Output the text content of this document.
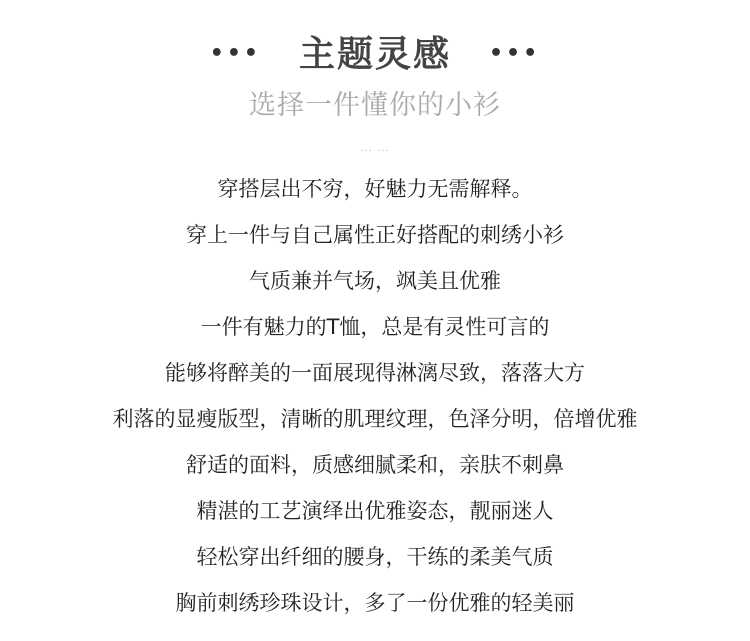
••• 主题灵感 •••
选择一件懂你的小衫
... ...
穿搭层出不穷，好魅力无需解释。
穿上一件与自己属性正好搭配的刺绣小衫
气质兼并气场，飒美且优雅
一件有魅力的T恤，总是有灵性可言的
能够将醉美的一面展现得淋漓尽致，落落大方
利落的显瘦版型，清晰的肌理纹理，色泽分明，倍增优雅
舒适的面料，质感细腻柔和，亲肤不刺鼻
精湛的工艺演绎出优雅姿态，靓丽迷人
轻松穿出纤细的腰身，干练的柔美气质
胸前刺绣珍珠设计，多了一份优雅的轻美丽
